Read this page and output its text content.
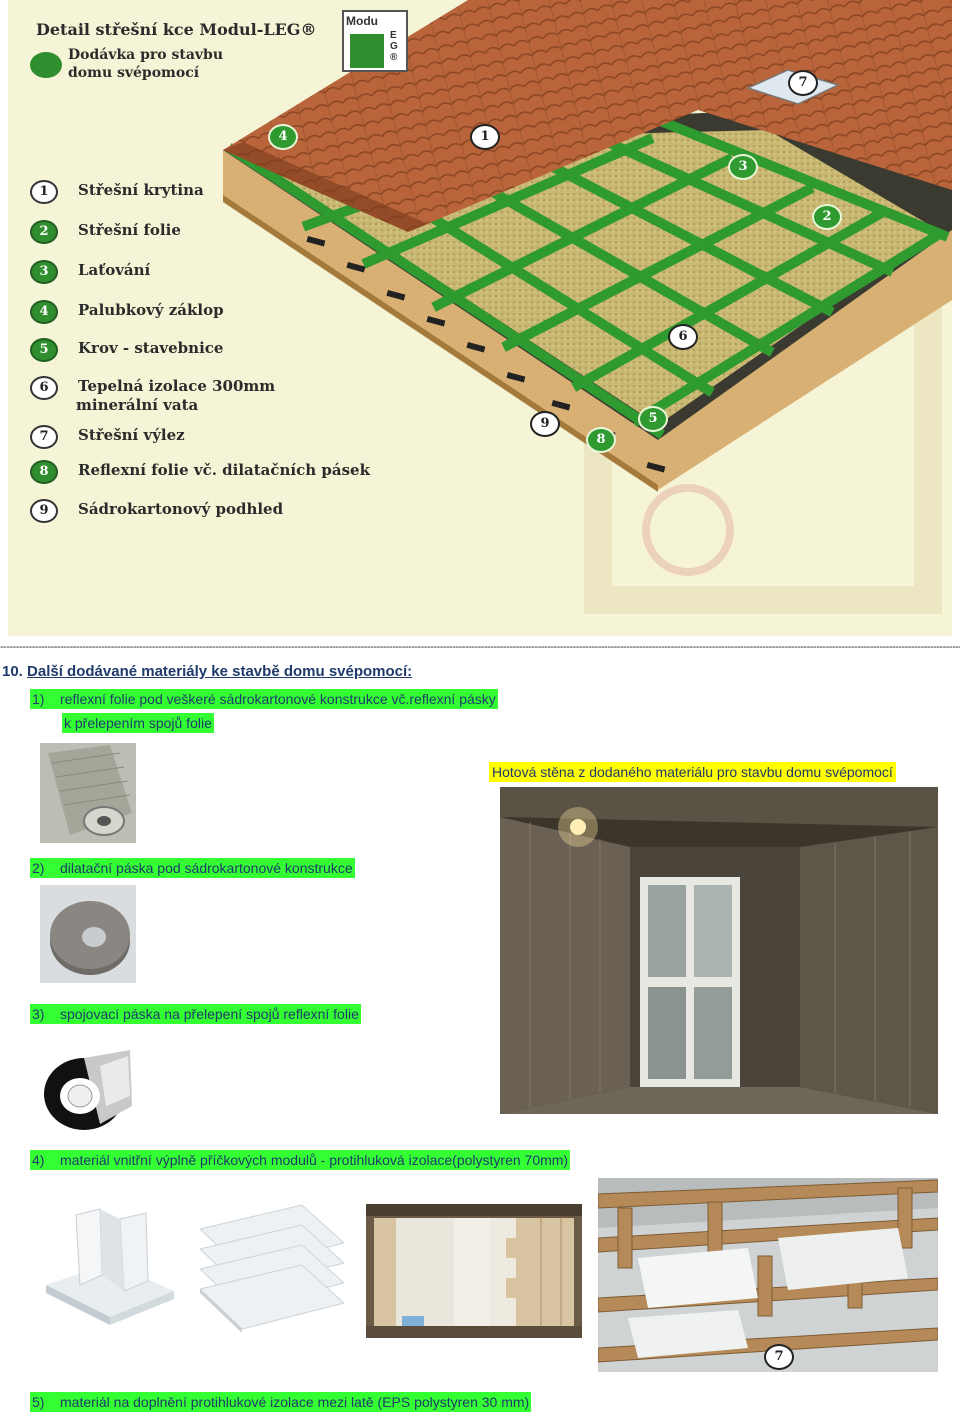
Detail střešní kce Modul-LEG®
Dodávka pro stavbu
domu svépomocí
Modu
E G ®
1	Střešní krytina
2	Střešní folie
3	Laťování
4	Palubkový záklop
5	Krov - stavebnice
6	Tepelná izolace 300mm
minerální vata
7	Střešní výlez
8	Reflexní folie vč. dilatačních pásek
9	Sádrokartonový podhled
7
4	1
3
2
6
9
8
5
-----
10. Další dodávané materiály ke stavbě domu svépomocí:
1) reflexní folie pod veškeré sádrokartonové konstrukce vč.reflexní pásky
k přelepením spojů folie
Hotová stěna z dodaného materiálu pro stavbu domu svépomocí
2) dilatační páska pod sádrokartonové konstrukce
3) spojovací páska na přelepení spojů reflexní folie
4) materiál vnitřní výplně příčkových modulů - protihluková izolace(polystyren 70mm)
7
5) materiál na doplnění protihlukové izolace mezi latě (EPS polystyren 30 mm)
